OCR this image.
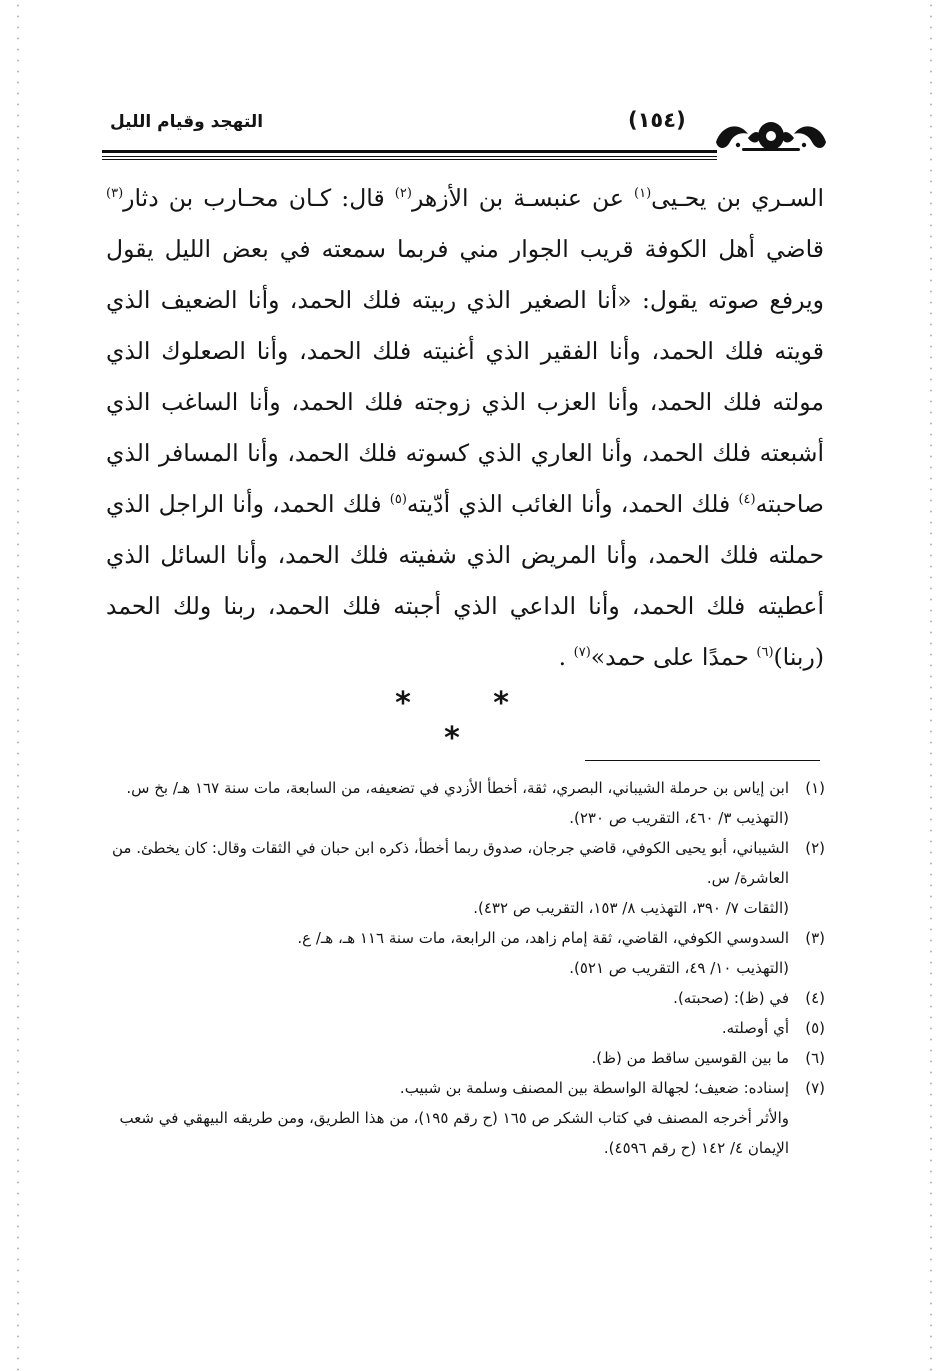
(١٥٤)
التهجد وقيام الليل

السـري بن يحـيى$^{(١)}$ عن عنبسـة بن الأزهر$^{(٢)}$ قال: كـان محـارب بن دثار$^{(٣)}$ قاضي أهل الكوفة قريب الجوار مني فربما سمعته في بعض الليل يقول ويرفع صوته يقول: «أنا الصغير الذي ربيته فلك الحمد، وأنا الضعيف الذي قويته فلك الحمد، وأنا الفقير الذي أغنيته فلك الحمد، وأنا الصعلوك الذي مولته فلك الحمد، وأنا العزب الذي زوجته فلك الحمد، وأنا الساغب الذي أشبعته فلك الحمد، وأنا العاري الذي كسوته فلك الحمد، وأنا المسافر الذي صاحبته$^{(٤)}$ فلك الحمد، وأنا الغائب الذي أدّيته$^{(٥)}$ فلك الحمد، وأنا الراجل الذي حملته فلك الحمد، وأنا المريض الذي شفيته فلك الحمد، وأنا السائل الذي أعطيته فلك الحمد، وأنا الداعي الذي أجبته فلك الحمد، ربنا ولك الحمد (ربنا)$^{(٦)}$ حمدًا على حمد»$^{(٧)}$ .

* * *
(١)
ابن إياس بن حرملة الشيباني، البصري، ثقة، أخطأ الأزدي في تضعيفه، من السابعة، مات سنة ١٦٧ هـ/ بخ س. (التهذيب ٣/ ٤٦٠، التقريب ص ٢٣٠).
(٢)
الشيباني، أبو يحيى الكوفي، قاضي جرجان، صدوق ربما أخطأ، ذكره ابن حبان في الثقات وقال: كان يخطئ. من العاشرة/ س.
(الثقات ٧/ ٣٩٠، التهذيب ٨/ ١٥٣، التقريب ص ٤٣٢).
(٣)
السدوسي الكوفي، القاضي، ثقة إمام زاهد، من الرابعة، مات سنة ١١٦ هـ، هـ/ ع.
(التهذيب ١٠/ ٤٩، التقريب ص ٥٢١).
(٤)
في (ظ): (صحبته).
(٥)
أي أوصلته.
(٦)
ما بين القوسين ساقط من (ظ).
(٧)
إسناده: ضعيف؛ لجهالة الواسطة بين المصنف وسلمة بن شبيب.
والأثر أخرجه المصنف في كتاب الشكر ص ١٦٥ (ح رقم ١٩٥)، من هذا الطريق، ومن طريقه البيهقي في شعب الإيمان ٤/ ١٤٢ (ح رقم ٤٥٩٦).
